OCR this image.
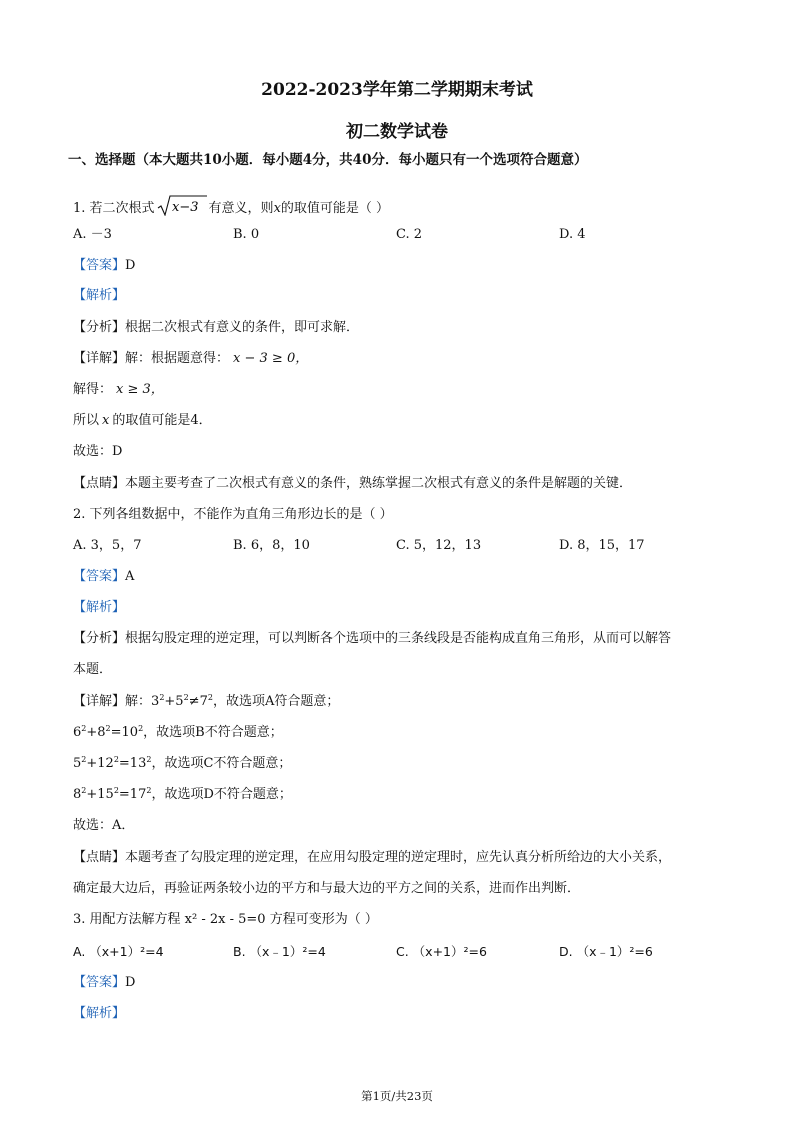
2022-2023学年第二学期期末考试
初二数学试卷
一、选择题（本大题共10小题．每小题4分，共40分．每小题只有一个选项符合题意）
1. 若二次根式 x−3 有意义，则x的取值可能是（ ）
A. －3	B. 0	C. 2	D. 4
【答案】D
【解析】
【分析】根据二次根式有意义的条件，即可求解．
【详解】解：根据题意得： x − 3 ≥ 0，
解得： x ≥ 3，
所以 x 的取值可能是4．
故选：D
【点睛】本题主要考查了二次根式有意义的条件，熟练掌握二次根式有意义的条件是解题的关键．
2. 下列各组数据中，不能作为直角三角形边长的是（ ）
A. 3，5，7	B. 6，8，10	C. 5，12，13	D. 8，15，17
【答案】A
【解析】
【分析】根据勾股定理的逆定理，可以判断各个选项中的三条线段是否能构成直角三角形，从而可以解答
本题．
【详解】解：$3^2+5^2\ne 7^2$，故选项A符合题意；
$6^2+8^2=10^2$，故选项B不符合题意；
$5^2+12^2=13^2$，故选项C不符合题意；
$8^2+15^2=17^2$，故选项D不符合题意；
故选：A．
【点睛】本题考查了勾股定理的逆定理，在应用勾股定理的逆定理时，应先认真分析所给边的大小关系，
确定最大边后，再验证两条较小边的平方和与最大边的平方之间的关系，进而作出判断．
3. 用配方法解方程 x² - 2x - 5=0 方程可变形为（ ）
A. （x+1）²=4	B. （x﹣1）²=4	C. （x+1）²=6	D. （x﹣1）²=6
【答案】D
【解析】
第1页/共23页
